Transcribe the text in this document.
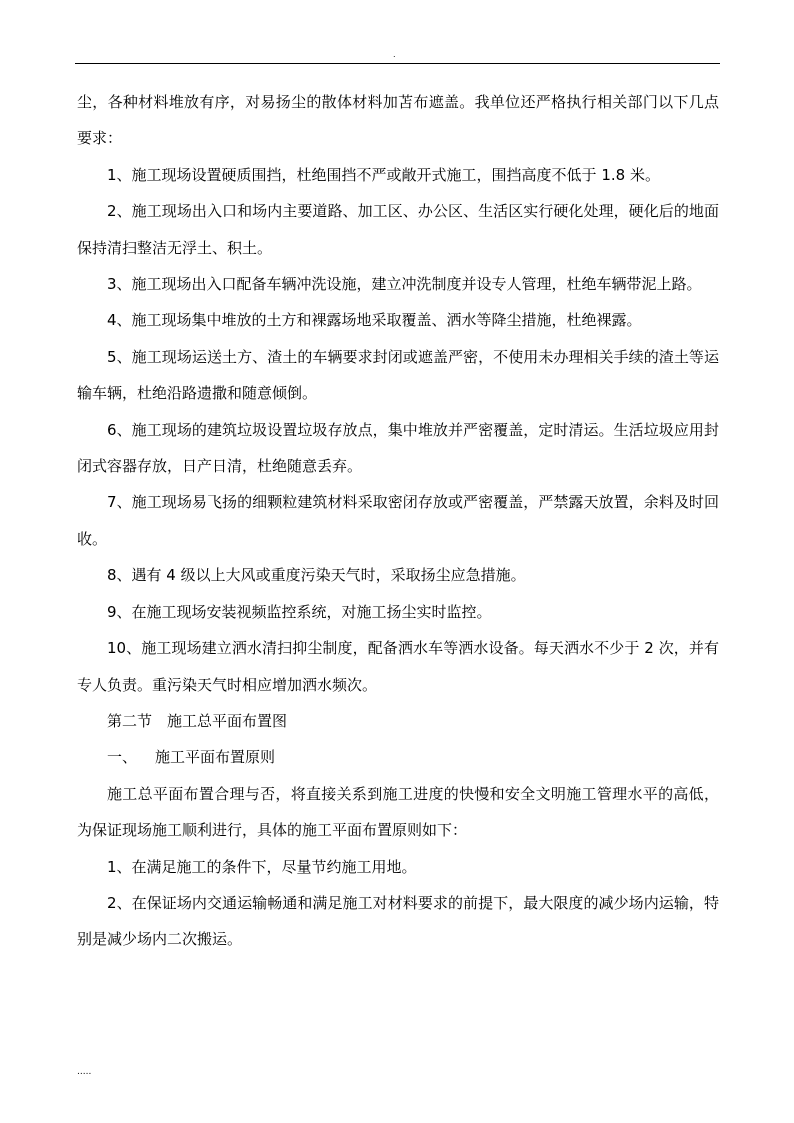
.

尘，各种材料堆放有序，对易扬尘的散体材料加苫布遮盖。我单位还严格执行相关部门以下几点要求：

1、施工现场设置硬质围挡，杜绝围挡不严或敞开式施工，围挡高度不低于 1.8 米。

2、施工现场出入口和场内主要道路、加工区、办公区、生活区实行硬化处理，硬化后的地面保持清扫整洁无浮土、积土。

3、施工现场出入口配备车辆冲洗设施，建立冲洗制度并设专人管理，杜绝车辆带泥上路。

4、施工现场集中堆放的土方和裸露场地采取覆盖、洒水等降尘措施，杜绝裸露。

5、施工现场运送土方、渣土的车辆要求封闭或遮盖严密，不使用未办理相关手续的渣土等运输车辆，杜绝沿路遗撒和随意倾倒。

6、施工现场的建筑垃圾设置垃圾存放点，集中堆放并严密覆盖，定时清运。生活垃圾应用封闭式容器存放，日产日清，杜绝随意丢弃。

7、施工现场易飞扬的细颗粒建筑材料采取密闭存放或严密覆盖，严禁露天放置，余料及时回收。

8、遇有 4 级以上大风或重度污染天气时，采取扬尘应急措施。

9、在施工现场安装视频监控系统，对施工扬尘实时监控。

10、施工现场建立洒水清扫抑尘制度，配备洒水车等洒水设备。每天洒水不少于 2 次，并有专人负责。重污染天气时相应增加洒水频次。

第二节　施工总平面布置图

一、 施工平面布置原则

施工总平面布置合理与否，将直接关系到施工进度的快慢和安全文明施工管理水平的高低，为保证现场施工顺利进行，具体的施工平面布置原则如下：

1、在满足施工的条件下，尽量节约施工用地。

2、在保证场内交通运输畅通和满足施工对材料要求的前提下，最大限度的减少场内运输，特别是减少场内二次搬运。

.....
